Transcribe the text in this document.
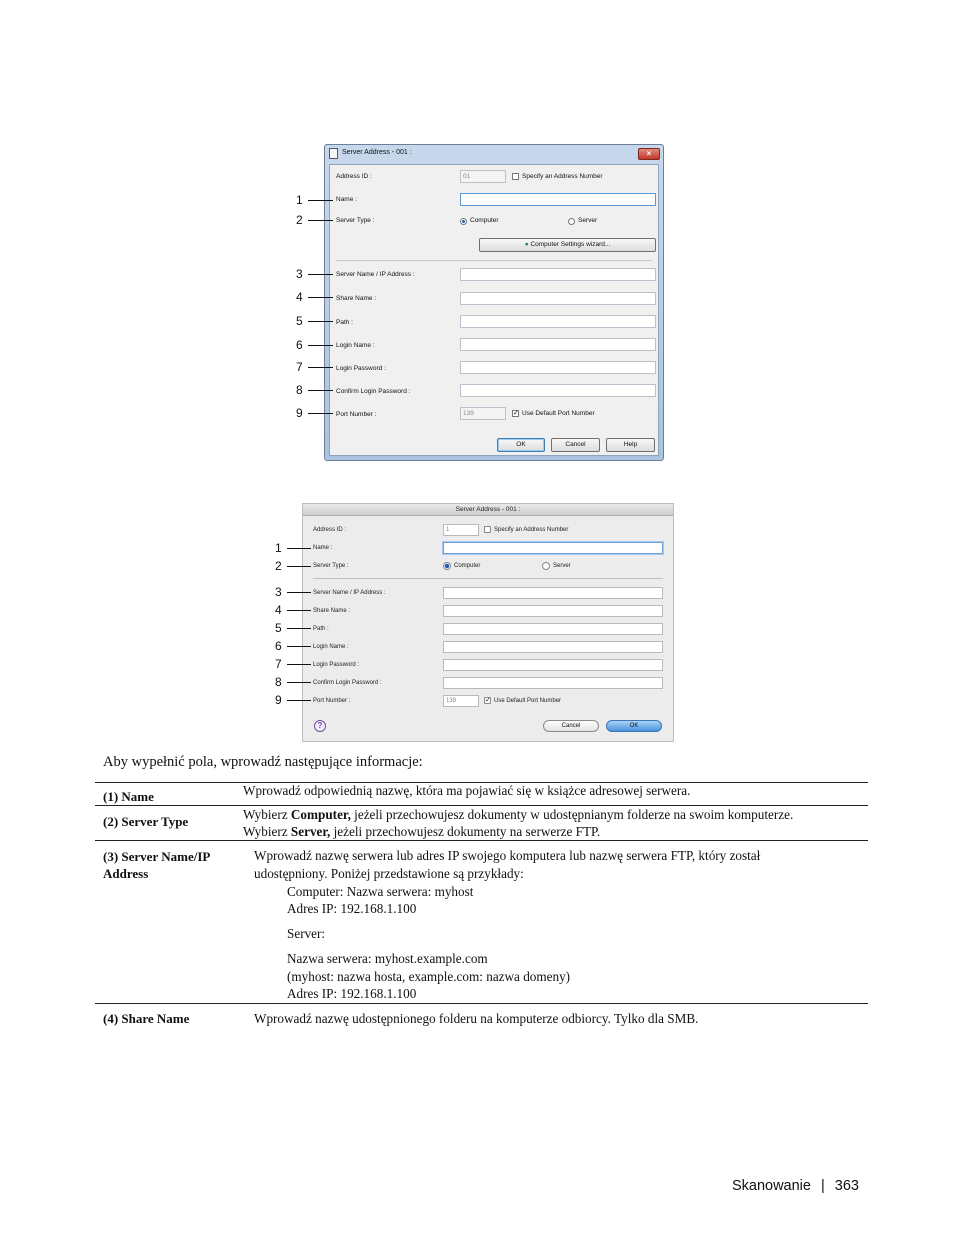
Server Address - 001 :	×
Address ID :	01	Specify an Address Number
Name :
Server Type :	Computer	Server
● Computer Settings wizard...
Server Name / IP Address :
Share Name :
Path :
Login Name :
Login Password :
Confirm Login Password :
Port Number :	139	✓ Use Default Port Number
OK	Cancel	Help
1
2
3
4
5
6
7
8
9
Server Address - 001 :
Address ID :	1	Specify an Address Number
Name :
Server Type :	Computer	Server
Server Name / IP Address :
Share Name :
Path :
Login Name :
Login Password :
Confirm Login Password :
Port Number :	139	✓ Use Default Port Number
?	Cancel	OK
1
2
3
4
5
6
7
8
9
Aby wypełnić pola, wprowadź następujące informacje:
(1) Name	Wprowadź odpowiednią nazwę, która ma pojawiać się w książce adresowej serwera.
(2) Server Type	Wybierz Computer, jeżeli przechowujesz dokumenty w udostępnianym folderze na swoim komputerze.
Wybierz Server, jeżeli przechowujesz dokumenty na serwerze FTP.
(3) Server Name/IP
Address
Wprowadź nazwę serwera lub adres IP swojego komputera lub nazwę serwera FTP, który został
udostępniony. Poniżej przedstawione są przykłady:
Computer: Nazwa serwera: myhost
Adres IP: 192.168.1.100
Server:
Nazwa serwera: myhost.example.com
(myhost: nazwa hosta, example.com: nazwa domeny)
Adres IP: 192.168.1.100
(4) Share Name	Wprowadź nazwę udostępnionego folderu na komputerze odbiorcy. Tylko dla SMB.
Skanowanie | 363
